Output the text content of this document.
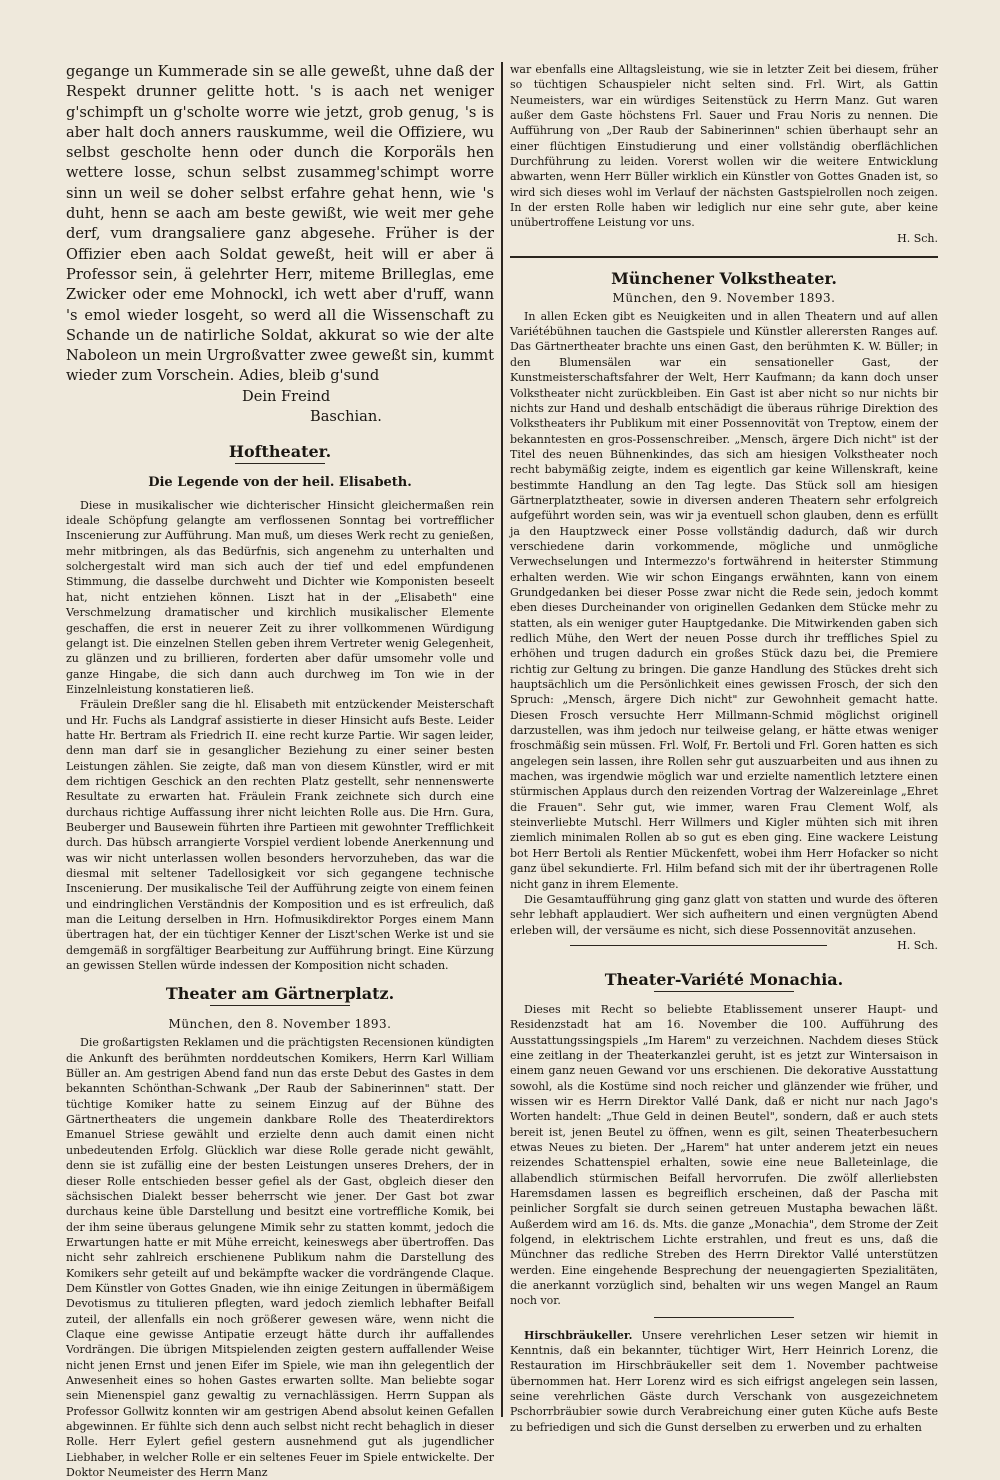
gegange un Kummerade sin se alle geweßt, uhne daß der Respekt drunner gelitte hott. 's is aach net weniger g'schimpft un g'scholte worre wie jetzt, grob genug, 's is aber halt doch anners rauskumme, weil die Offiziere, wu selbst gescholte henn oder dunch die Korporäls hen wettere losse, schun selbst zusammeg'schimpt worre sinn un weil se doher selbst erfahre gehat henn, wie 's duht, henn se aach am beste gewißt, wie weit mer gehe derf, vum drangsaliere ganz abgesehe. Früher is der Offizier eben aach Soldat geweßt, heit will er aber ä Professor sein, ä gelehrter Herr, miteme Brilleglas, eme Zwicker oder eme Mohnockl, ich wett aber d'ruff, wann 's emol wieder losgeht, so werd all die Wissenschaft zu Schande un de natirliche Soldat, akkurat so wie der alte Naboleon un mein Urgroßvatter zwee geweßt sin, kummt wieder zum Vorschein. Adies, bleib g'sund

Dein Freind

Baschian.

Hoftheater.

Die Legende von der heil. Elisabeth.

Diese in musikalischer wie dichterischer Hinsicht gleichermaßen rein ideale Schöpfung gelangte am verflossenen Sonntag bei vortrefflicher Inscenierung zur Aufführung. Man muß, um dieses Werk recht zu genießen, mehr mitbringen, als das Bedürfnis, sich angenehm zu unterhalten und solchergestalt wird man sich auch der tief und edel empfundenen Stimmung, die dasselbe durchweht und Dichter wie Komponisten beseelt hat, nicht entziehen können. Liszt hat in der „Elisabeth" eine Verschmelzung dramatischer und kirchlich musikalischer Elemente geschaffen, die erst in neuerer Zeit zu ihrer vollkommenen Würdigung gelangt ist. Die einzelnen Stellen geben ihrem Vertreter wenig Gelegenheit, zu glänzen und zu brillieren, forderten aber dafür umsomehr volle und ganze Hingabe, die sich dann auch durchweg im Ton wie in der Einzelnleistung konstatieren ließ.

Fräulein Dreßler sang die hl. Elisabeth mit entzückender Meisterschaft und Hr. Fuchs als Landgraf assistierte in dieser Hinsicht aufs Beste. Leider hatte Hr. Bertram als Friedrich II. eine recht kurze Partie. Wir sagen leider, denn man darf sie in gesanglicher Beziehung zu einer seiner besten Leistungen zählen. Sie zeigte, daß man von diesem Künstler, wird er mit dem richtigen Geschick an den rechten Platz gestellt, sehr nennenswerte Resultate zu erwarten hat. Fräulein Frank zeichnete sich durch eine durchaus richtige Auffassung ihrer nicht leichten Rolle aus. Die Hrn. Gura, Beuberger und Bausewein führten ihre Partieen mit gewohnter Trefflichkeit durch. Das hübsch arrangierte Vorspiel verdient lobende Anerkennung und was wir nicht unterlassen wollen besonders hervorzuheben, das war die diesmal mit seltener Tadellosigkeit vor sich gegangene technische Inscenierung. Der musikalische Teil der Aufführung zeigte von einem feinen und eindringlichen Verständnis der Komposition und es ist erfreulich, daß man die Leitung derselben in Hrn. Hofmusikdirektor Porges einem Mann übertragen hat, der ein tüchtiger Kenner der Liszt'schen Werke ist und sie demgemäß in sorgfältiger Bearbeitung zur Aufführung bringt. Eine Kürzung an gewissen Stellen würde indessen der Komposition nicht schaden.

Theater am Gärtnerplatz.

München, den 8. November 1893.

Die großartigsten Reklamen und die prächtigsten Recensionen kündigten die Ankunft des berühmten norddeutschen Komikers, Herrn Karl William Büller an. Am gestrigen Abend fand nun das erste Debut des Gastes in dem bekannten Schönthan-Schwank „Der Raub der Sabinerinnen" statt. Der tüchtige Komiker hatte zu seinem Einzug auf der Bühne des Gärtnertheaters die ungemein dankbare Rolle des Theaterdirektors Emanuel Striese gewählt und erzielte denn auch damit einen nicht unbedeutenden Erfolg. Glücklich war diese Rolle gerade nicht gewählt, denn sie ist zufällig eine der besten Leistungen unseres Drehers, der in dieser Rolle entschieden besser gefiel als der Gast, obgleich dieser den sächsischen Dialekt besser beherrscht wie jener. Der Gast bot zwar durchaus keine üble Darstellung und besitzt eine vortreffliche Komik, bei der ihm seine überaus gelungene Mimik sehr zu statten kommt, jedoch die Erwartungen hatte er mit Mühe erreicht, keineswegs aber übertroffen. Das nicht sehr zahlreich erschienene Publikum nahm die Darstellung des Komikers sehr geteilt auf und bekämpfte wacker die vordrängende Claque. Dem Künstler von Gottes Gnaden, wie ihn einige Zeitungen in übermäßigem Devotismus zu titulieren pflegten, ward jedoch ziemlich lebhafter Beifall zuteil, der allenfalls ein noch größerer gewesen wäre, wenn nicht die Claque eine gewisse Antipatie erzeugt hätte durch ihr auffallendes Vordrängen. Die übrigen Mitspielenden zeigten gestern auffallender Weise nicht jenen Ernst und jenen Eifer im Spiele, wie man ihn gelegentlich der Anwesenheit eines so hohen Gastes erwarten sollte. Man beliebte sogar sein Mienenspiel ganz gewaltig zu vernachlässigen. Herrn Suppan als Professor Gollwitz konnten wir am gestrigen Abend absolut keinen Gefallen abgewinnen. Er fühlte sich denn auch selbst nicht recht behaglich in dieser Rolle. Herr Eylert gefiel gestern ausnehmend gut als jugendlicher Liebhaber, in welcher Rolle er ein seltenes Feuer im Spiele entwickelte. Der Doktor Neumeister des Herrn Manz

war ebenfalls eine Alltagsleistung, wie sie in letzter Zeit bei diesem, früher so tüchtigen Schauspieler nicht selten sind. Frl. Wirt, als Gattin Neumeisters, war ein würdiges Seitenstück zu Herrn Manz. Gut waren außer dem Gaste höchstens Frl. Sauer und Frau Noris zu nennen. Die Aufführung von „Der Raub der Sabinerinnen" schien überhaupt sehr an einer flüchtigen Einstudierung und einer vollständig oberflächlichen Durchführung zu leiden. Vorerst wollen wir die weitere Entwicklung abwarten, wenn Herr Büller wirklich ein Künstler von Gottes Gnaden ist, so wird sich dieses wohl im Verlauf der nächsten Gastspielrollen noch zeigen. In der ersten Rolle haben wir lediglich nur eine sehr gute, aber keine unübertroffene Leistung vor uns.

H. Sch.

Münchener Volkstheater.

München, den 9. November 1893.

In allen Ecken gibt es Neuigkeiten und in allen Theatern und auf allen Variétébühnen tauchen die Gastspiele und Künstler allerersten Ranges auf. Das Gärtnertheater brachte uns einen Gast, den berühmten K. W. Büller; in den Blumensälen war ein sensationeller Gast, der Kunstmeisterschaftsfahrer der Welt, Herr Kaufmann; da kann doch unser Volkstheater nicht zurückbleiben. Ein Gast ist aber nicht so nur nichts bir nichts zur Hand und deshalb entschädigt die überaus rührige Direktion des Volkstheaters ihr Publikum mit einer Possennovität von Treptow, einem der bekanntesten en gros-Possenschreiber. „Mensch, ärgere Dich nicht" ist der Titel des neuen Bühnenkindes, das sich am hiesigen Volkstheater noch recht babymäßig zeigte, indem es eigentlich gar keine Willenskraft, keine bestimmte Handlung an den Tag legte. Das Stück soll am hiesigen Gärtnerplatztheater, sowie in diversen anderen Theatern sehr erfolgreich aufgeführt worden sein, was wir ja eventuell schon glauben, denn es erfüllt ja den Hauptzweck einer Posse vollständig dadurch, daß wir durch verschiedene darin vorkommende, mögliche und unmögliche Verwechselungen und Intermezzo's fortwährend in heiterster Stimmung erhalten werden. Wie wir schon Eingangs erwähnten, kann von einem Grundgedanken bei dieser Posse zwar nicht die Rede sein, jedoch kommt eben dieses Durcheinander von originellen Gedanken dem Stücke mehr zu statten, als ein weniger guter Hauptgedanke. Die Mitwirkenden gaben sich redlich Mühe, den Wert der neuen Posse durch ihr treffliches Spiel zu erhöhen und trugen dadurch ein großes Stück dazu bei, die Premiere richtig zur Geltung zu bringen. Die ganze Handlung des Stückes dreht sich hauptsächlich um die Persönlichkeit eines gewissen Frosch, der sich den Spruch: „Mensch, ärgere Dich nicht" zur Gewohnheit gemacht hatte. Diesen Frosch versuchte Herr Millmann-Schmid möglichst originell darzustellen, was ihm jedoch nur teilweise gelang, er hätte etwas weniger froschmäßig sein müssen. Frl. Wolf, Fr. Bertoli und Frl. Goren hatten es sich angelegen sein lassen, ihre Rollen sehr gut auszuarbeiten und aus ihnen zu machen, was irgendwie möglich war und erzielte namentlich letztere einen stürmischen Applaus durch den reizenden Vortrag der Walzereinlage „Ehret die Frauen". Sehr gut, wie immer, waren Frau Clement Wolf, als steinverliebte Mutschl. Herr Willmers und Kigler mühten sich mit ihren ziemlich minimalen Rollen ab so gut es eben ging. Eine wackere Leistung bot Herr Bertoli als Rentier Mückenfett, wobei ihm Herr Hofacker so nicht ganz übel sekundierte. Frl. Hilm befand sich mit der ihr übertragenen Rolle nicht ganz in ihrem Elemente.

Die Gesamtaufführung ging ganz glatt von statten und wurde des öfteren sehr lebhaft applaudiert. Wer sich aufheitern und einen vergnügten Abend erleben will, der versäume es nicht, sich diese Possennovität anzusehen.

H. Sch.

Theater-Variété Monachia.

Dieses mit Recht so beliebte Etablissement unserer Haupt- und Residenzstadt hat am 16. November die 100. Aufführung des Ausstattungssingspiels „Im Harem" zu verzeichnen. Nachdem dieses Stück eine zeitlang in der Theaterkanzlei geruht, ist es jetzt zur Wintersaison in einem ganz neuen Gewand vor uns erschienen. Die dekorative Ausstattung sowohl, als die Kostüme sind noch reicher und glänzender wie früher, und wissen wir es Herrn Direktor Vallé Dank, daß er nicht nur nach Jago's Worten handelt: „Thue Geld in deinen Beutel", sondern, daß er auch stets bereit ist, jenen Beutel zu öffnen, wenn es gilt, seinen Theaterbesuchern etwas Neues zu bieten. Der „Harem" hat unter anderem jetzt ein neues reizendes Schattenspiel erhalten, sowie eine neue Balleteinlage, die allabendlich stürmischen Beifall hervorrufen. Die zwölf allerliebsten Haremsdamen lassen es begreiflich erscheinen, daß der Pascha mit peinlicher Sorgfalt sie durch seinen getreuen Mustapha bewachen läßt. Außerdem wird am 16. ds. Mts. die ganze „Monachia", dem Strome der Zeit folgend, in elektrischem Lichte erstrahlen, und freut es uns, daß die Münchner das redliche Streben des Herrn Direktor Vallé unterstützen werden. Eine eingehende Besprechung der neuengagierten Spezialitäten, die anerkannt vorzüglich sind, behalten wir uns wegen Mangel an Raum noch vor.

Hirschbräukeller. Unsere verehrlichen Leser setzen wir hiemit in Kenntnis, daß ein bekannter, tüchtiger Wirt, Herr Heinrich Lorenz, die Restauration im Hirschbräukeller seit dem 1. November pachtweise übernommen hat. Herr Lorenz wird es sich eifrigst angelegen sein lassen, seine verehrlichen Gäste durch Verschank von ausgezeichnetem Pschorrbräubier sowie durch Verabreichung einer guten Küche aufs Beste zu befriedigen und sich die Gunst derselben zu erwerben und zu erhalten
